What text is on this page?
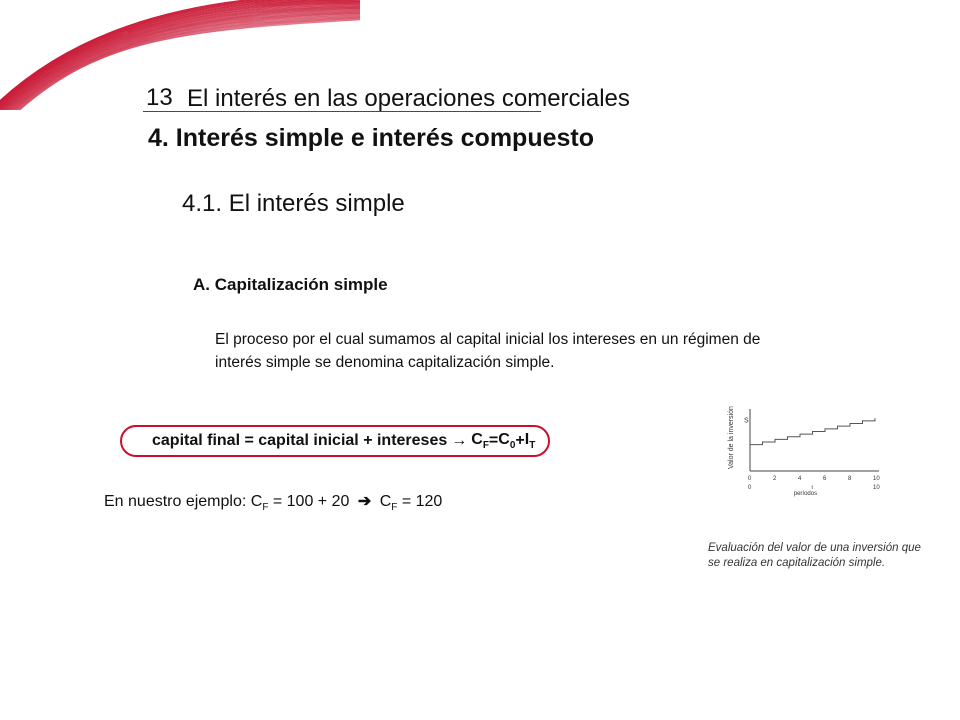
13 El interés en las operaciones comerciales
4. Interés simple e interés compuesto
4.1. El interés simple
A. Capitalización simple
El proceso por el cual sumamos al capital inicial los intereses en un régimen de interés simple se denomina capitalización simple.
capital final = capital inicial + intereses → $C_F = C_0 + I_T$
En nuestro ejemplo: $C_F = 100 + 20$ ➔ $C_F = 120$
Valor de la inversión S
0	2	4	6	8	10
0	10
t
períodos
Evaluación del valor de una inversión que se realiza en capitalización simple.
